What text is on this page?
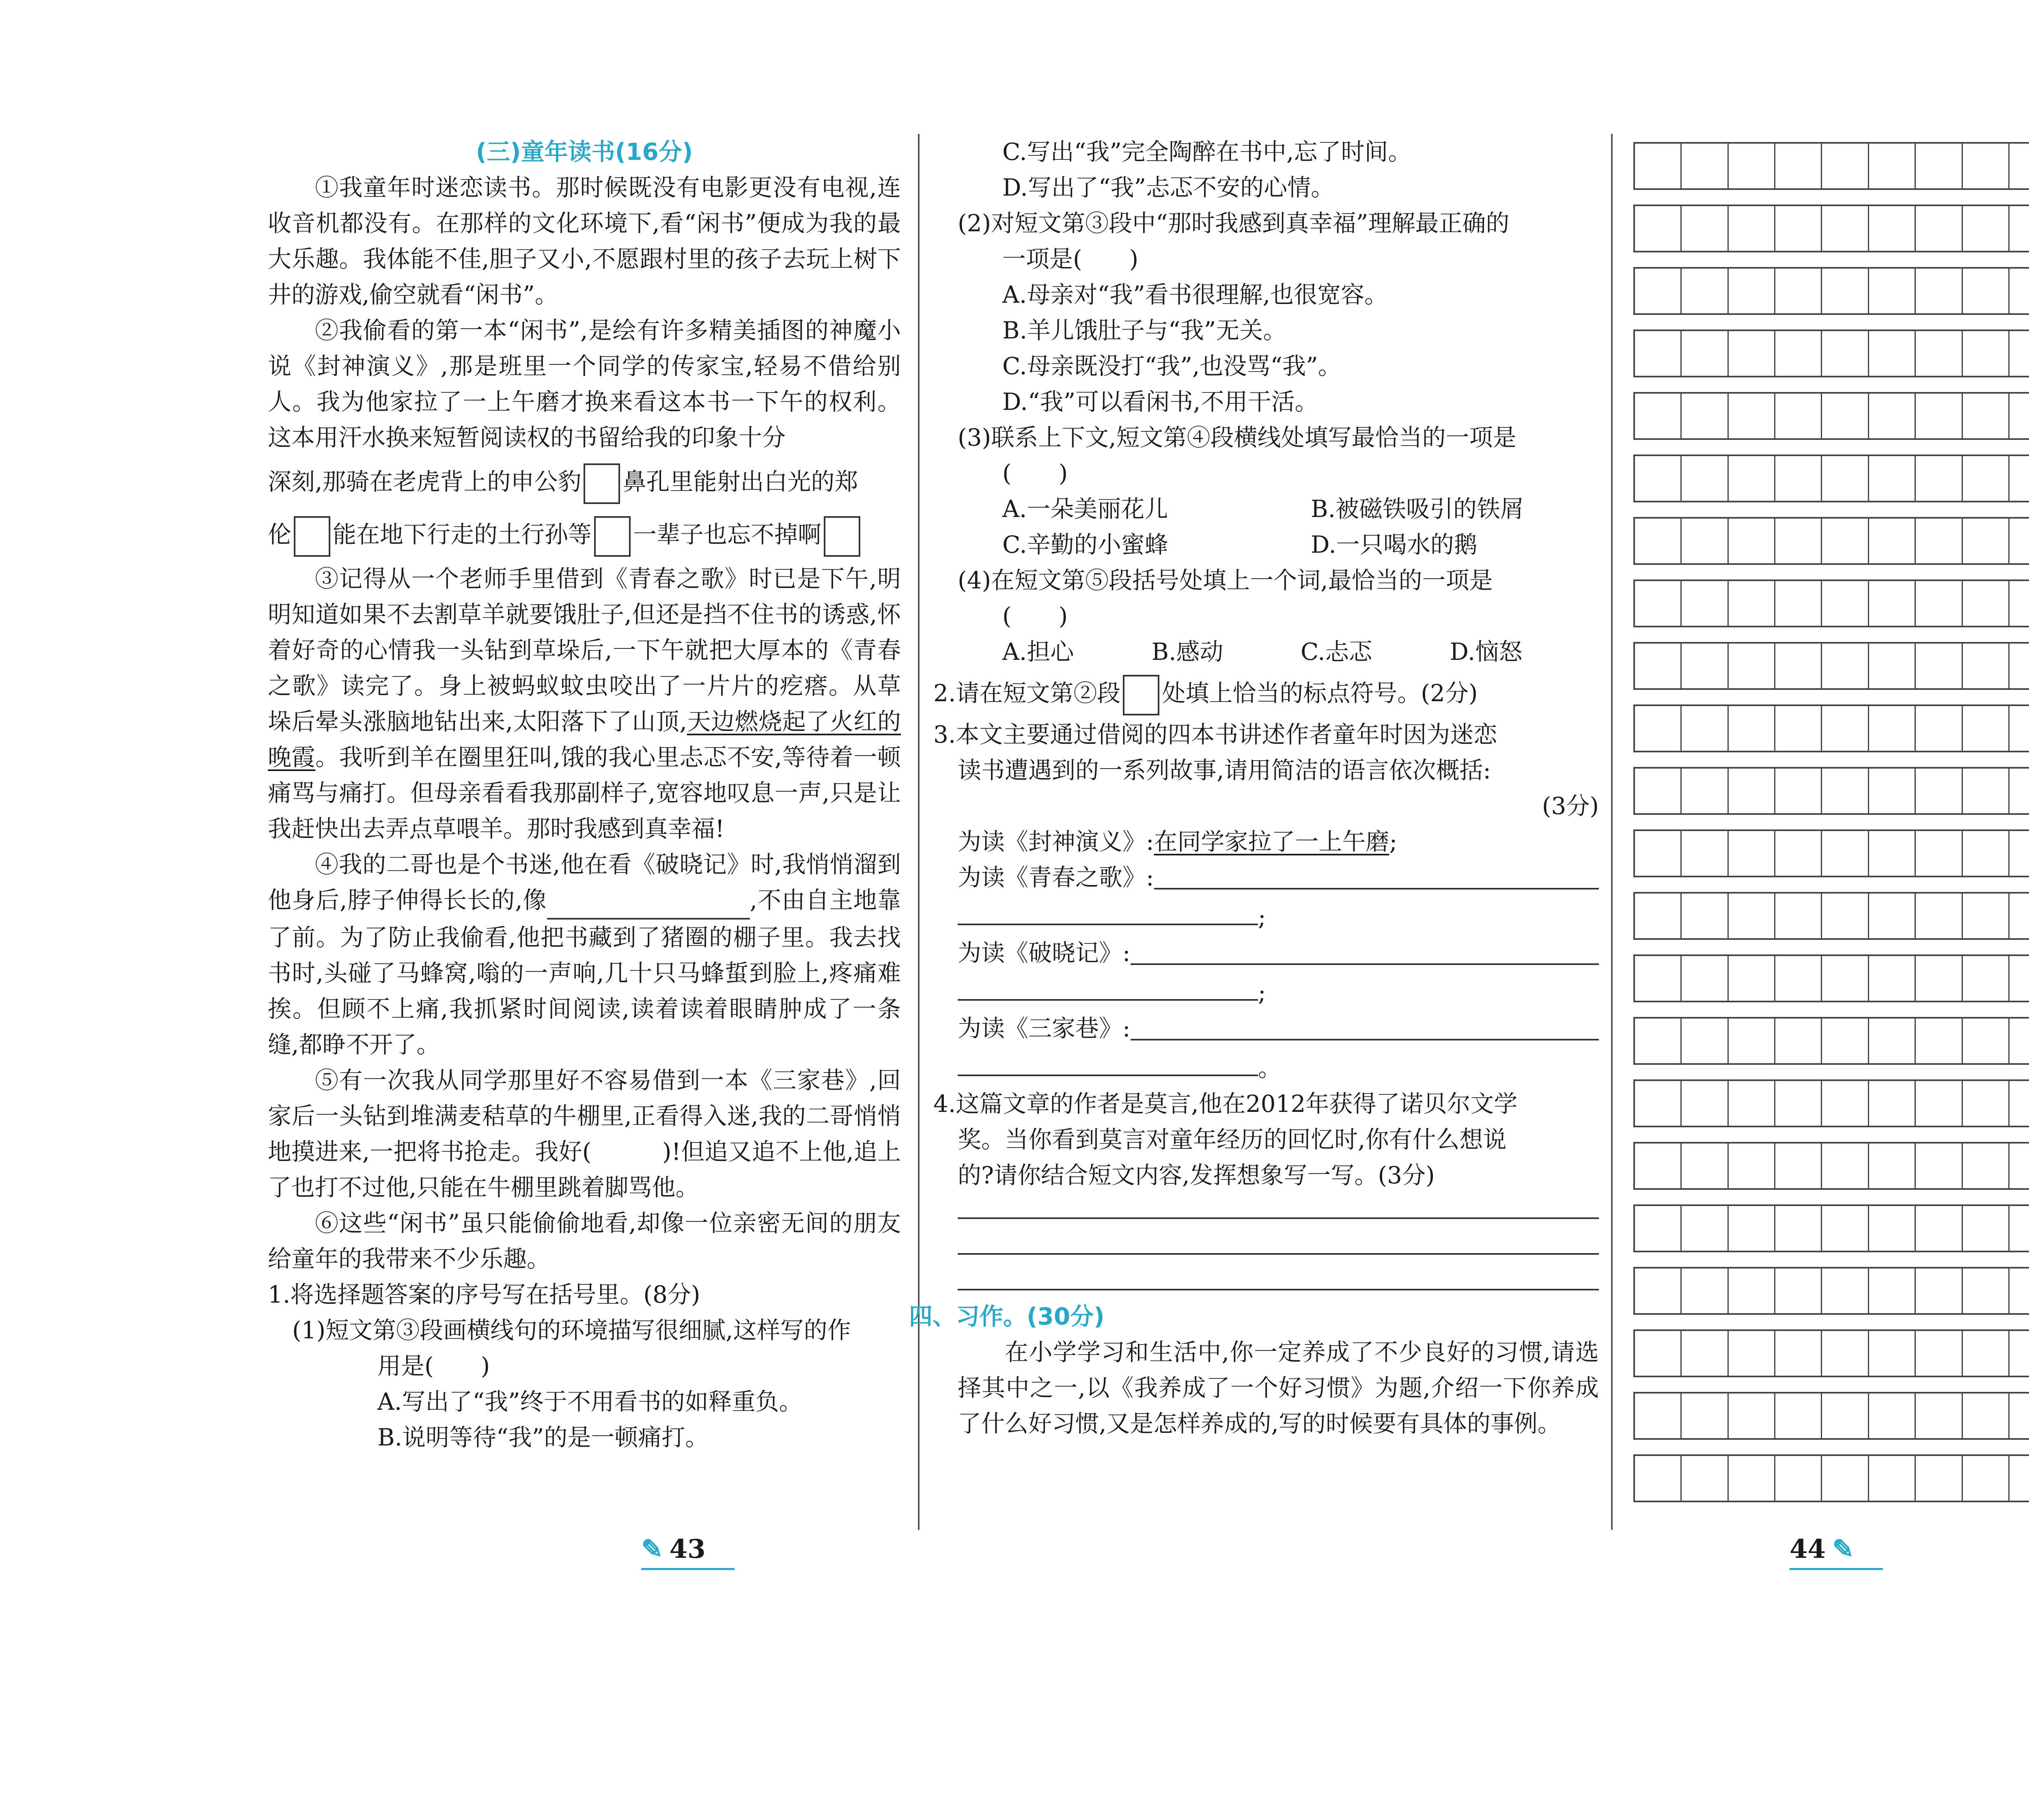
(三)童年读书(16分)

①我童年时迷恋读书。那时候既没有电影更没有电视,连收音机都没有。在那样的文化环境下,看“闲书”便成为我的最大乐趣。我体能不佳,胆子又小,不愿跟村里的孩子去玩上树下井的游戏,偷空就看“闲书”。

②我偷看的第一本“闲书”,是绘有许多精美插图的神魔小说《封神演义》,那是班里一个同学的传家宝,轻易不借给别人。我为他家拉了一上午磨才换来看这本书一下午的权利。这本用汗水换来短暂阅读权的书留给我的印象十分

深刻,那骑在老虎背上的申公豹 鼻孔里能射出白光的郑

伦 能在地下行走的土行孙等 一辈子也忘不掉啊

③记得从一个老师手里借到《青春之歌》时已是下午,明明知道如果不去割草羊就要饿肚子,但还是挡不住书的诱惑,怀着好奇的心情我一头钻到草垛后,一下午就把大厚本的《青春之歌》读完了。身上被蚂蚁蚊虫咬出了一片片的疙瘩。从草垛后晕头涨脑地钻出来,太阳落下了山顶,天边燃烧起了火红的晚霞。我听到羊在圈里狂叫,饿的我心里忐忑不安,等待着一顿痛骂与痛打。但母亲看看我那副样子,宽容地叹息一声,只是让我赶快出去弄点草喂羊。那时我感到真幸福!

④我的二哥也是个书迷,他在看《破晓记》时,我悄悄溜到他身后,脖子伸得长长的,像	,不由自主地靠了前。为了防止我偷看,他把书藏到了猪圈的棚子里。我去找书时,头碰了马蜂窝,嗡的一声响,几十只马蜂蜇到脸上,疼痛难挨。但顾不上痛,我抓紧时间阅读,读着读着眼睛肿成了一条缝,都睁不开了。

⑤有一次我从同学那里好不容易借到一本《三家巷》,回家后一头钻到堆满麦秸草的牛棚里,正看得入迷,我的二哥悄悄地摸进来,一把将书抢走。我好(　　　)!但追又追不上他,追上了也打不过他,只能在牛棚里跳着脚骂他。

⑥这些“闲书”虽只能偷偷地看,却像一位亲密无间的朋友给童年的我带来不少乐趣。

1.将选择题答案的序号写在括号里。(8分)

(1)短文第③段画横线句的环境描写很细腻,这样写的作

用是(　　)

A.写出了“我”终于不用看书的如释重负。

B.说明等待“我”的是一顿痛打。

C.写出“我”完全陶醉在书中,忘了时间。

D.写出了“我”忐忑不安的心情。

(2)对短文第③段中“那时我感到真幸福”理解最正确的

一项是(　　)

A.母亲对“我”看书很理解,也很宽容。

B.羊儿饿肚子与“我”无关。

C.母亲既没打“我”,也没骂“我”。

D.“我”可以看闲书,不用干活。

(3)联系上下文,短文第④段横线处填写最恰当的一项是

(　　)

A.一朵美丽花儿	B.被磁铁吸引的铁屑

C.辛勤的小蜜蜂	D.一只喝水的鹅

(4)在短文第⑤段括号处填上一个词,最恰当的一项是

(　　)

A.担心	B.感动	C.忐忑	D.恼怒

2.请在短文第②段 处填上恰当的标点符号。(2分)

3.本文主要通过借阅的四本书讲述作者童年时因为迷恋

读书遭遇到的一系列故事,请用简洁的语言依次概括:

(3分)

为读《封神演义》:在同学家拉了一上午磨;

为读《青春之歌》:

;

为读《破晓记》:

;

为读《三家巷》:

。

4.这篇文章的作者是莫言,他在2012年获得了诺贝尔文学

奖。当你看到莫言对童年经历的回忆时,你有什么想说

的?请你结合短文内容,发挥想象写一写。(3分)

四、习作。(30分)

在小学学习和生活中,你一定养成了不少良好的习惯,请选择其中之一,以《我养成了一个好习惯》为题,介绍一下你养成了什么好习惯,又是怎样养成的,写的时候要有具体的事例。

✎ 43	44 ✎
